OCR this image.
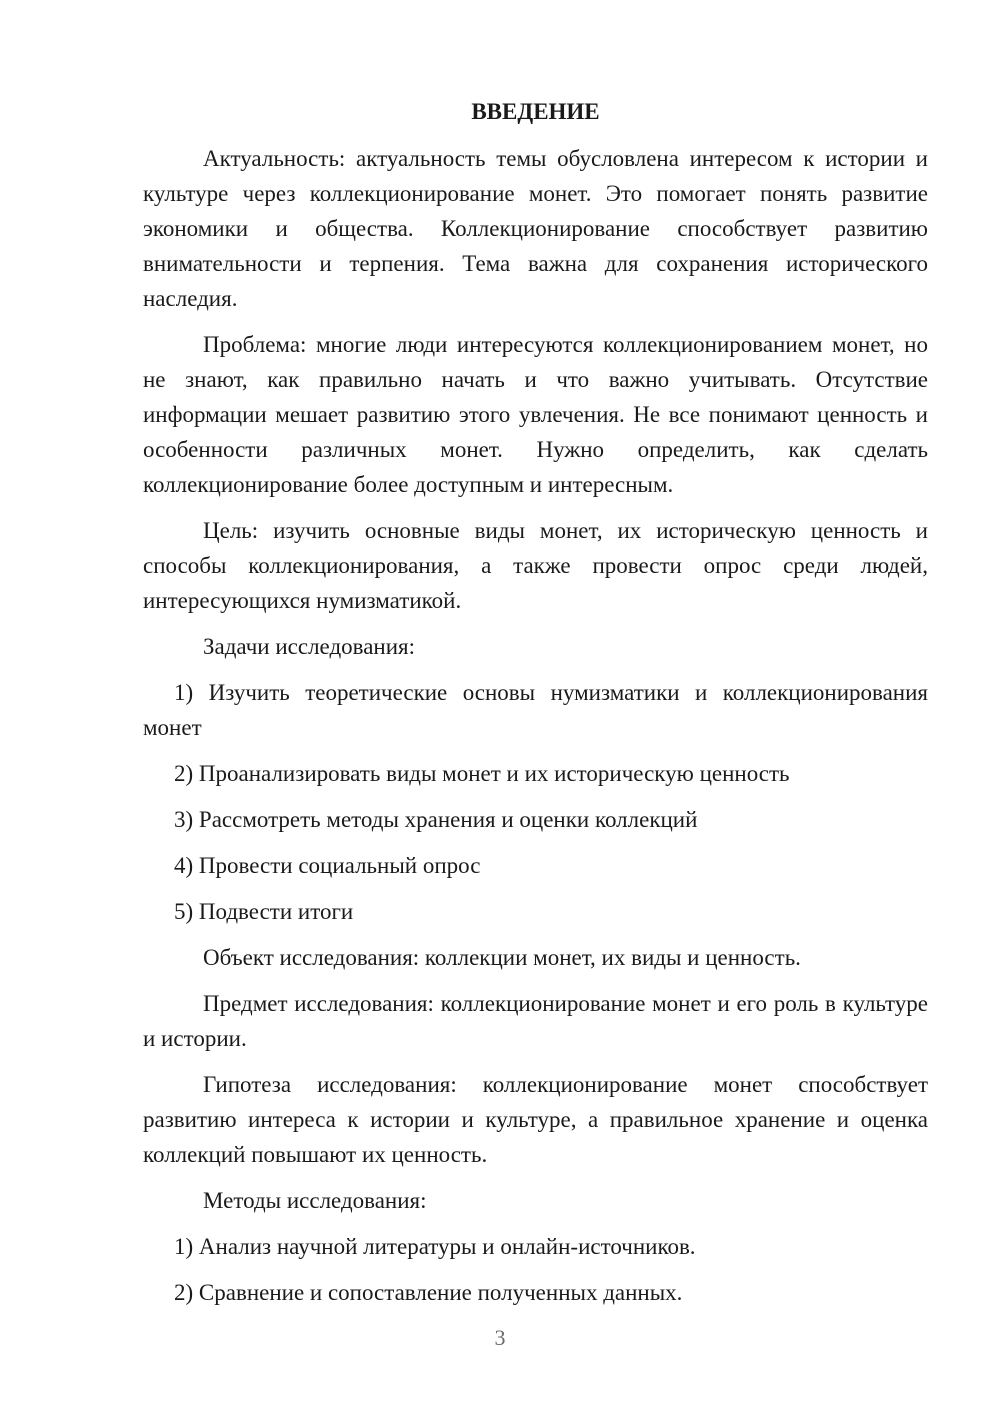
ВВЕДЕНИЕ

Актуальность: актуальность темы обусловлена интересом к истории и культуре через коллекционирование монет. Это помогает понять развитие экономики и общества. Коллекционирование способствует развитию внимательности и терпения. Тема важна для сохранения исторического наследия.

Проблема: многие люди интересуются коллекционированием монет, но не знают, как правильно начать и что важно учитывать. Отсутствие информации мешает развитию этого увлечения. Не все понимают ценность и особенности различных монет. Нужно определить, как сделать коллекционирование более доступным и интересным.

Цель: изучить основные виды монет, их историческую ценность и способы коллекционирования, а также провести опрос среди людей, интересующихся нумизматикой.

Задачи исследования:

1) Изучить теоретические основы нумизматики и коллекционирования монет

2) Проанализировать виды монет и их историческую ценность

3) Рассмотреть методы хранения и оценки коллекций

4) Провести социальный опрос

5) Подвести итоги

Объект исследования: коллекции монет, их виды и ценность.

Предмет исследования: коллекционирование монет и его роль в культуре и истории.

Гипотеза исследования: коллекционирование монет способствует развитию интереса к истории и культуре, а правильное хранение и оценка коллекций повышают их ценность.

Методы исследования:

1) Анализ научной литературы и онлайн-источников.

2) Сравнение и сопоставление полученных данных.

3
